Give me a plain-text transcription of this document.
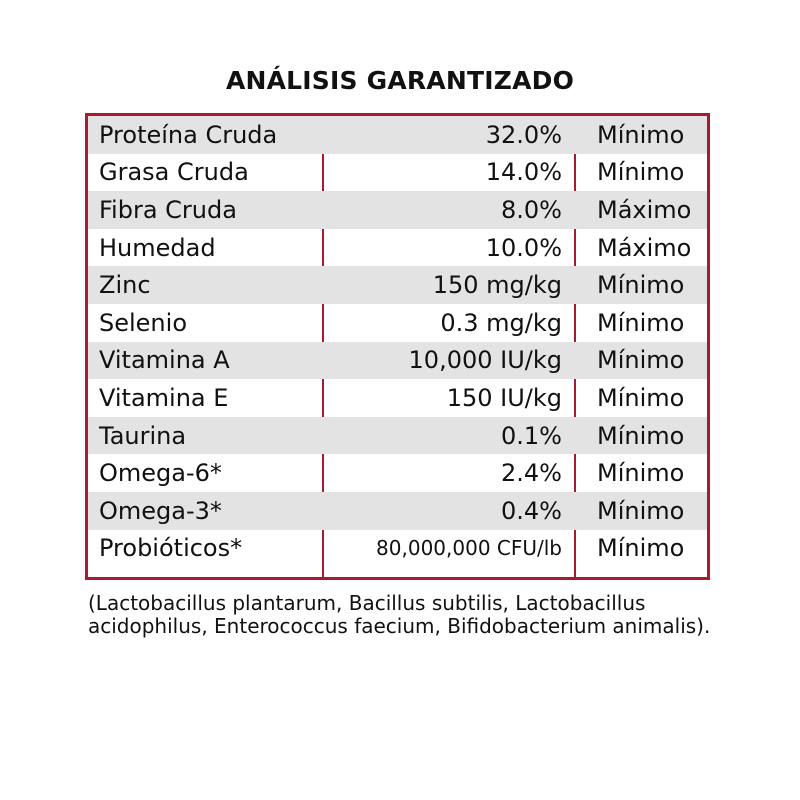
ANÁLISIS GARANTIZADO
Proteína Cruda	32.0%	Mínimo
Grasa Cruda	14.0%	Mínimo
Fibra Cruda	8.0%	Máximo
Humedad	10.0%	Máximo
Zinc	150 mg/kg	Mínimo
Selenio	0.3 mg/kg	Mínimo
Vitamina A	10,000 IU/kg	Mínimo
Vitamina E	150 IU/kg	Mínimo
Taurina	0.1%	Mínimo
Omega-6*	2.4%	Mínimo
Omega-3*	0.4%	Mínimo
Probióticos*	80,000,000 CFU/lb	Mínimo
(Lactobacillus plantarum, Bacillus subtilis, Lactobacillus acidophilus, Enterococcus faecium, Bifidobacterium animalis).
